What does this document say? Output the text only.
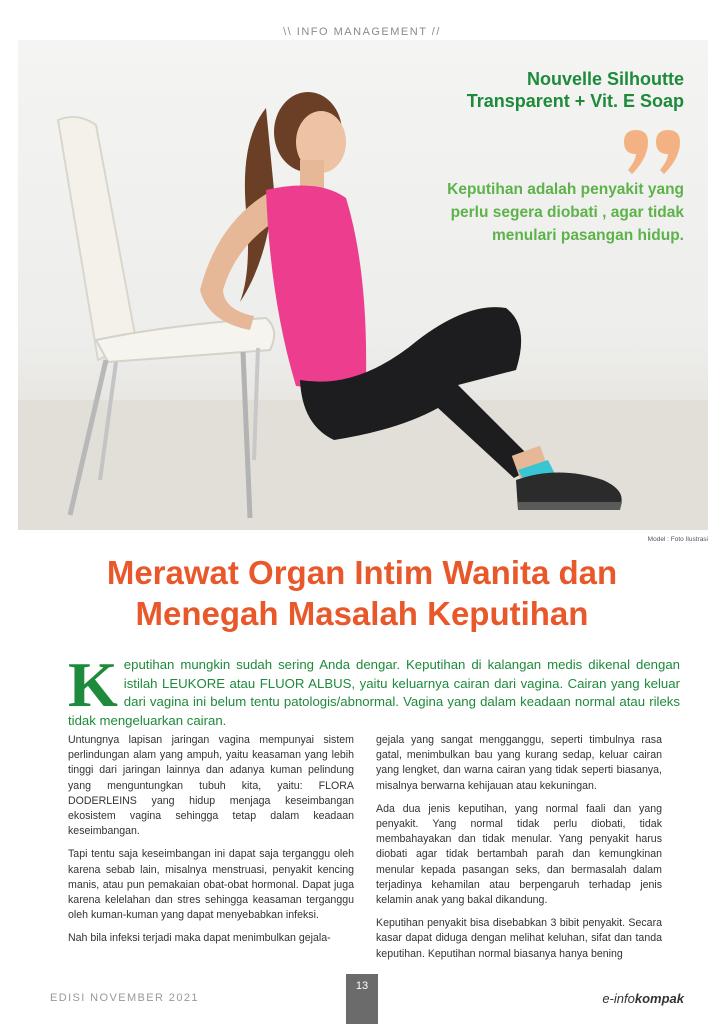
\\ INFO MANAGEMENT //
Nouvelle Silhoutte
Transparent + Vit. E Soap
Keputihan adalah penyakit yang perlu segera diobati , agar tidak menulari pasangan hidup.
Model : Foto Ilustrasi
Merawat Organ Intim Wanita dan
Menegah Masalah Keputihan
K eputihan mungkin sudah sering Anda dengar. Keputihan di kalangan medis dikenal dengan istilah LEUKORE atau FLUOR ALBUS, yaitu keluarnya cairan dari vagina. Cairan yang keluar dari vagina ini belum tentu patologis/abnormal. Vagina yang dalam keadaan normal atau rileks tidak mengeluarkan cairan.

Untungnya lapisan jaringan vagina mempunyai sistem perlindungan alam yang ampuh, yaitu keasaman yang lebih tinggi dari jaringan lainnya dan adanya kuman pelindung yang menguntungkan tubuh kita, yaitu: FLORA DODERLEINS yang hidup menjaga keseimbangan ekosistem vagina sehingga tetap dalam keadaan keseimbangan.

Tapi tentu saja keseimbangan ini dapat saja terganggu oleh karena sebab lain, misalnya menstruasi, penyakit kencing manis, atau pun pemakaian obat-obat hormonal. Dapat juga karena kelelahan dan stres sehingga keasaman terganggu oleh kuman-kuman yang dapat menyebabkan infeksi.

Nah bila infeksi terjadi maka dapat menimbulkan gejala-

gejala yang sangat mengganggu, seperti timbulnya rasa gatal, menimbulkan bau yang kurang sedap, keluar cairan yang lengket, dan warna cairan yang tidak seperti biasanya, misalnya berwarna kehijauan atau kekuningan.

Ada dua jenis keputihan, yang normal faali dan yang penyakit. Yang normal tidak perlu diobati, tidak membahayakan dan tidak menular. Yang penyakit harus diobati agar tidak bertambah parah dan kemungkinan menular kepada pasangan seks, dan bermasalah dalam terjadinya kehamilan atau berpengaruh terhadap jenis kelamin anak yang bakal dikandung.

Keputihan penyakit bisa disebabkan 3 bibit penyakit. Secara kasar dapat diduga dengan melihat keluhan, sifat dan tanda keputihan. Keputihan normal biasanya hanya bening

EDISI NOVEMBER 2021
13
e-infokompak
